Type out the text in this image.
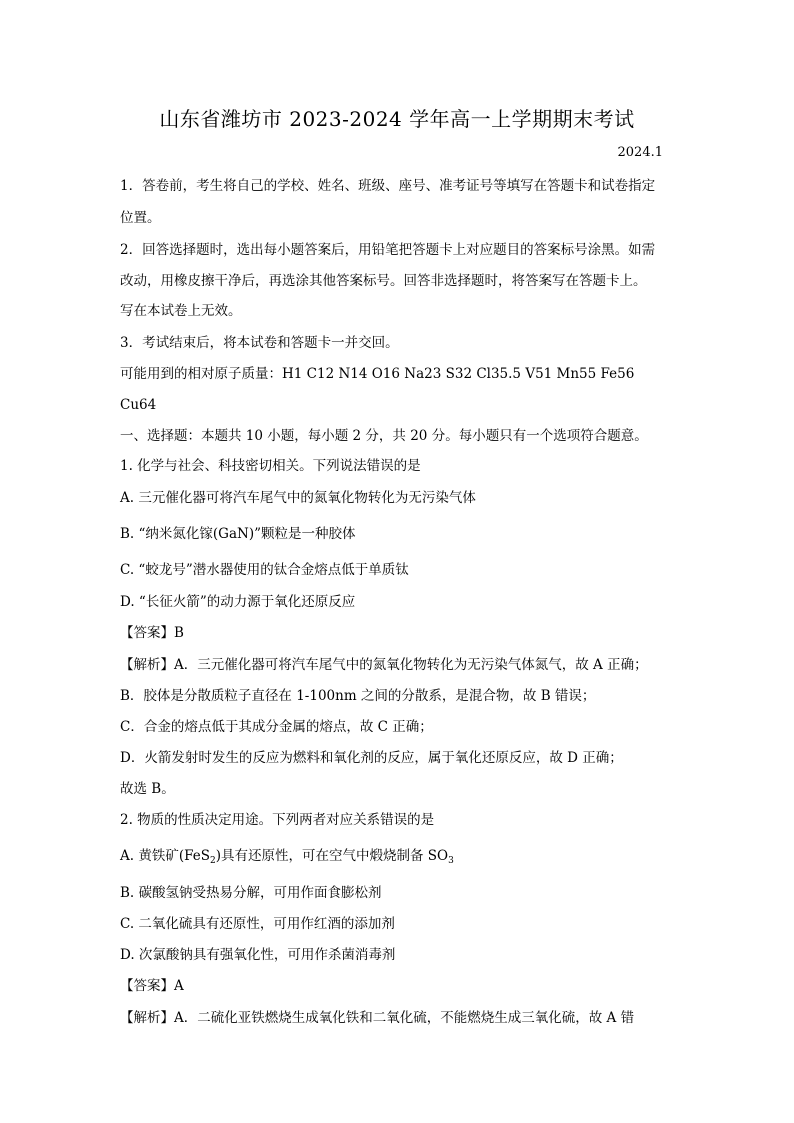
山东省潍坊市 2023-2024 学年高一上学期期末考试
2024.1
1．答卷前，考生将自己的学校、姓名、班级、座号、准考证号等填写在答题卡和试卷指定
位置。
2．回答选择题时，选出每小题答案后，用铅笔把答题卡上对应题目的答案标号涂黑。如需
改动，用橡皮擦干净后，再选涂其他答案标号。回答非选择题时，将答案写在答题卡上。
写在本试卷上无效。
3．考试结束后，将本试卷和答题卡一并交回。
可能用到的相对原子质量：H1 C12 N14 O16 Na23 S32 Cl35.5 V51 Mn55 Fe56
Cu64
一、选择题：本题共 10 小题，每小题 2 分，共 20 分。每小题只有一个选项符合题意。
1. 化学与社会、科技密切相关。下列说法错误的是
A. 三元催化器可将汽车尾气中的氮氧化物转化为无污染气体
B. “纳米氮化镓(GaN)”颗粒是一种胶体
C. “蛟龙号”潜水器使用的钛合金熔点低于单质钛
D. “长征火箭”的动力源于氧化还原反应
【答案】B
【解析】A．三元催化器可将汽车尾气中的氮氧化物转化为无污染气体氮气，故 A 正确；
B．胶体是分散质粒子直径在 1-100nm 之间的分散系，是混合物，故 B 错误；
C．合金的熔点低于其成分金属的熔点，故 C 正确；
D．火箭发射时发生的反应为燃料和氧化剂的反应，属于氧化还原反应，故 D 正确；
故选 B。
2. 物质的性质决定用途。下列两者对应关系错误的是
A. 黄铁矿(FeS$_2$)具有还原性，可在空气中煅烧制备 $SO_3$
B. 碳酸氢钠受热易分解，可用作面食膨松剂
C. 二氧化硫具有还原性，可用作红酒的添加剂
D. 次氯酸钠具有强氧化性，可用作杀菌消毒剂
【答案】A
【解析】A．二硫化亚铁燃烧生成氧化铁和二氧化硫，不能燃烧生成三氧化硫，故 A 错
